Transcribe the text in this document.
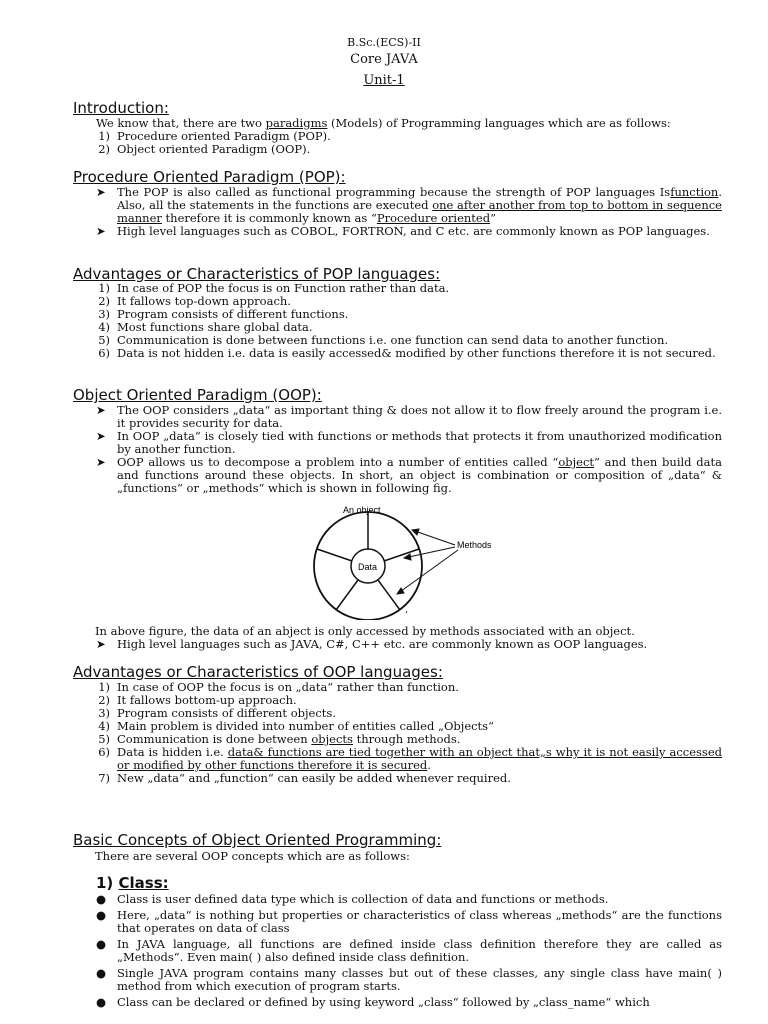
B.Sc.(ECS)-II
Core JAVA
Unit-1
Introduction:
We know that, there are two paradigms (Models) of Programming languages which are as follows:
1) Procedure oriented Paradigm (POP).
2) Object oriented Paradigm (OOP).
Procedure Oriented Paradigm (POP):
➤ The POP is also called as functional programming because the strength of POP languages Isfunction. Also, all the statements in the functions are executed one after another from top to bottom in sequence manner therefore it is commonly known as “Procedure oriented”
➤ High level languages such as COBOL, FORTRON, and C etc. are commonly known as POP languages.
Advantages or Characteristics of POP languages:
1) In case of POP the focus is on Function rather than data.
2) It fallows top-down approach.
3) Program consists of different functions.
4) Most functions share global data.
5) Communication is done between functions i.e. one function can send data to another function.
6) Data is not hidden i.e. data is easily accessed& modified by other functions therefore it is not secured.
Object Oriented Paradigm (OOP):
➤ The OOP considers „data“ as important thing & does not allow it to flow freely around the program i.e. it provides security for data.
➤ In OOP „data“ is closely tied with functions or methods that protects it from unauthorized modification by another function.
➤ OOP allows us to decompose a problem into a number of entities called “object” and then build data and functions around these objects. In short, an object is combination or composition of „data“ & „functions“ or „methods“ which is shown in following fig.
An object
Data
Methods
’
In above figure, the data of an abject is only accessed by methods associated with an object.
➤ High level languages such as JAVA, C#, C++ etc. are commonly known as OOP languages.
Advantages or Characteristics of OOP languages:
1) In case of OOP the focus is on „data“ rather than function.
2) It fallows bottom-up approach.
3) Program consists of different objects.
4) Main problem is divided into number of entities called „Objects“
5) Communication is done between objects through methods.
6) Data is hidden i.e. data& functions are tied together with an object that„s why it is not easily accessed or modified by other functions therefore it is secured.
7) New „data“ and „function“ can easily be added whenever required.
Basic Concepts of Object Oriented Programming:
There are several OOP concepts which are as follows:
1) Class:
● Class is user defined data type which is collection of data and functions or methods.
● Here, „data“ is nothing but properties or characteristics of class whereas „methods“ are the functions that operates on data of class
● In JAVA language, all functions are defined inside class definition therefore they are called as „Methods“. Even main( ) also defined inside class definition.
● Single JAVA program contains many classes but out of these classes, any single class have main( ) method from which execution of program starts.
● Class can be declared or defined by using keyword „class“ followed by „class_name“ which
